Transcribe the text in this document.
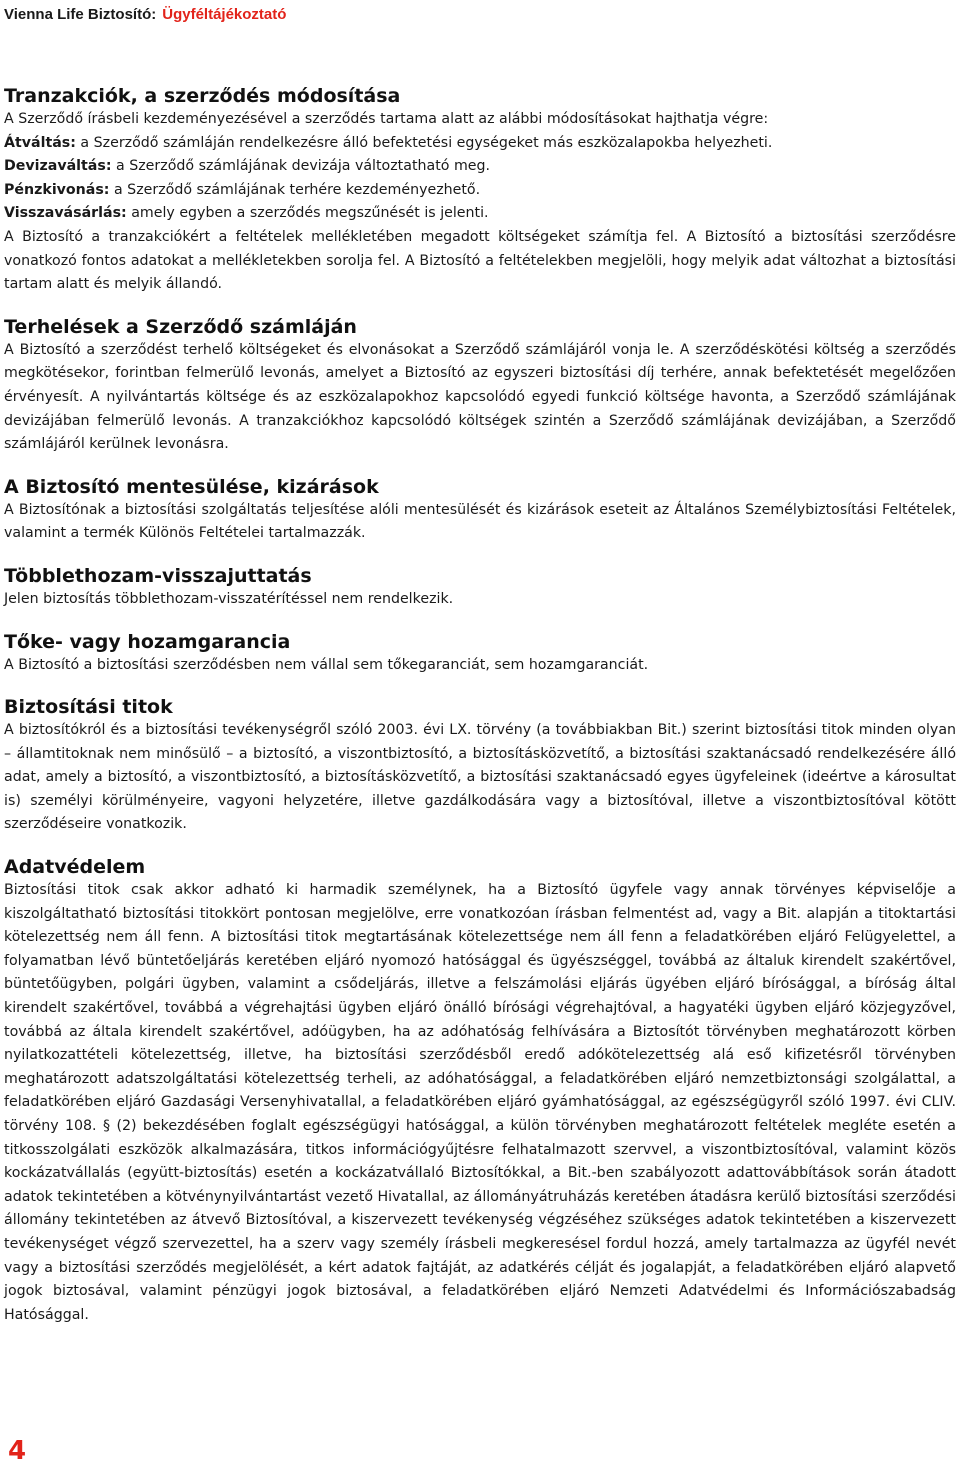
Vienna Life Biztosító: Ügyféltájékoztató
Tranzakciók, a szerződés módosítása
A Szerződő írásbeli kezdeményezésével a szerződés tartama alatt az alábbi módosításokat hajthatja végre:
Átváltás: a Szerződő számláján rendelkezésre álló befektetési egységeket más eszközalapokba helyezheti.
Devizaváltás: a Szerződő számlájának devizája változtatható meg.
Pénzkivonás: a Szerződő számlájának terhére kezdeményezhető.
Visszavásárlás: amely egyben a szerződés megszűnését is jelenti.

A Biztosító a tranzakciókért a feltételek mellékletében megadott költségeket számítja fel. A Biztosító a biztosítási szerződésre vonatkozó fontos adatokat a mellékletekben sorolja fel. A Biztosító a feltételekben megjelöli, hogy melyik adat változhat a biztosítási tartam alatt és melyik állandó.

Terhelések a Szerződő számláján

A Biztosító a szerződést terhelő költségeket és elvonásokat a Szerződő számlájáról vonja le. A szerződéskötési költség a szerződés megkötésekor, forintban felmerülő levonás, amelyet a Biztosító az egyszeri biztosítási díj terhére, annak befektetését megelőzően érvényesít. A nyilvántartás költsége és az eszközalapokhoz kapcsolódó egyedi funkció költsége havonta, a Szerződő számlájának devizájában felmerülő levonás. A tranzakciókhoz kapcsolódó költségek szintén a Szerződő számlájának devizájában, a Szerződő számlájáról kerülnek levonásra.

A Biztosító mentesülése, kizárások

A Biztosítónak a biztosítási szolgáltatás teljesítése alóli mentesülését és kizárások eseteit az Általános Személybiztosítási Feltételek, valamint a termék Különös Feltételei tartalmazzák.

Többlethozam-visszajuttatás

Jelen biztosítás többlethozam-visszatérítéssel nem rendelkezik.

Tőke- vagy hozamgarancia

A Biztosító a biztosítási szerződésben nem vállal sem tőkegaranciát, sem hozamgaranciát.

Biztosítási titok

A biztosítókról és a biztosítási tevékenységről szóló 2003. évi LX. törvény (a továbbiakban Bit.) szerint biztosítási titok minden olyan – államtitoknak nem minősülő – a biztosító, a viszontbiztosító, a biztosításközvetítő, a biztosítási szaktanácsadó rendelkezésére álló adat, amely a biztosító, a viszontbiztosító, a biztosításközvetítő, a biztosítási szaktanácsadó egyes ügyfeleinek (ideértve a károsultat is) személyi körülményeire, vagyoni helyzetére, illetve gazdálkodására vagy a biztosítóval, illetve a viszontbiztosítóval kötött szerződéseire vonatkozik.

Adatvédelem

Biztosítási titok csak akkor adható ki harmadik személynek, ha a Biztosító ügyfele vagy annak törvényes képviselője a kiszolgáltatható biztosítási titokkört pontosan megjelölve, erre vonatkozóan írásban felmentést ad, vagy a Bit. alapján a titoktartási kötelezettség nem áll fenn. A biztosítási titok megtartásának kötelezettsége nem áll fenn a feladatkörében eljáró Felügyelettel, a folyamatban lévő büntetőeljárás keretében eljáró nyomozó hatósággal és ügyészséggel, továbbá az általuk kirendelt szakértővel, büntetőügyben, polgári ügyben, valamint a csődeljárás, illetve a felszámolási eljárás ügyében eljáró bírósággal, a bíróság által kirendelt szakértővel, továbbá a végrehajtási ügyben eljáró önálló bírósági végrehajtóval, a hagyatéki ügyben eljáró közjegyzővel, továbbá az általa kirendelt szakértővel, adóügyben, ha az adóhatóság felhívására a Biztosítót törvényben meghatározott körben nyilatkozattételi kötelezettség, illetve, ha biztosítási szerződésből eredő adókötelezettség alá eső kifizetésről törvényben meghatározott adatszolgáltatási kötelezettség terheli, az adóhatósággal, a feladatkörében eljáró nemzetbiztonsági szolgálattal, a feladatkörében eljáró Gazdasági Versenyhivatallal, a feladatkörében eljáró gyámhatósággal, az egészségügyről szóló 1997. évi CLIV. törvény 108. § (2) bekezdésében foglalt egészségügyi hatósággal, a külön törvényben meghatározott feltételek megléte esetén a titkosszolgálati eszközök alkalmazására, titkos információgyűjtésre felhatalmazott szervvel, a viszontbiztosítóval, valamint közös kockázatvállalás (együtt-biztosítás) esetén a kockázatvállaló Biztosítókkal, a Bit.-ben szabályozott adattovábbítások során átadott adatok tekintetében a kötvénynyilvántartást vezető Hivatallal, az állományátruházás keretében átadásra kerülő biztosítási szerződési állomány tekintetében az átvevő Biztosítóval, a kiszervezett tevékenység végzéséhez szükséges adatok tekintetében a kiszervezett tevékenységet végző szervezettel, ha a szerv vagy személy írásbeli megkeresésel fordul hozzá, amely tartalmazza az ügyfél nevét vagy a biztosítási szerződés megjelölését, a kért adatok fajtáját, az adatkérés célját és jogalapját, a feladatkörében eljáró alapvető jogok biztosával, valamint pénzügyi jogok biztosával, a feladatkörében eljáró Nemzeti Adatvédelmi és Információszabadság Hatósággal.

4
